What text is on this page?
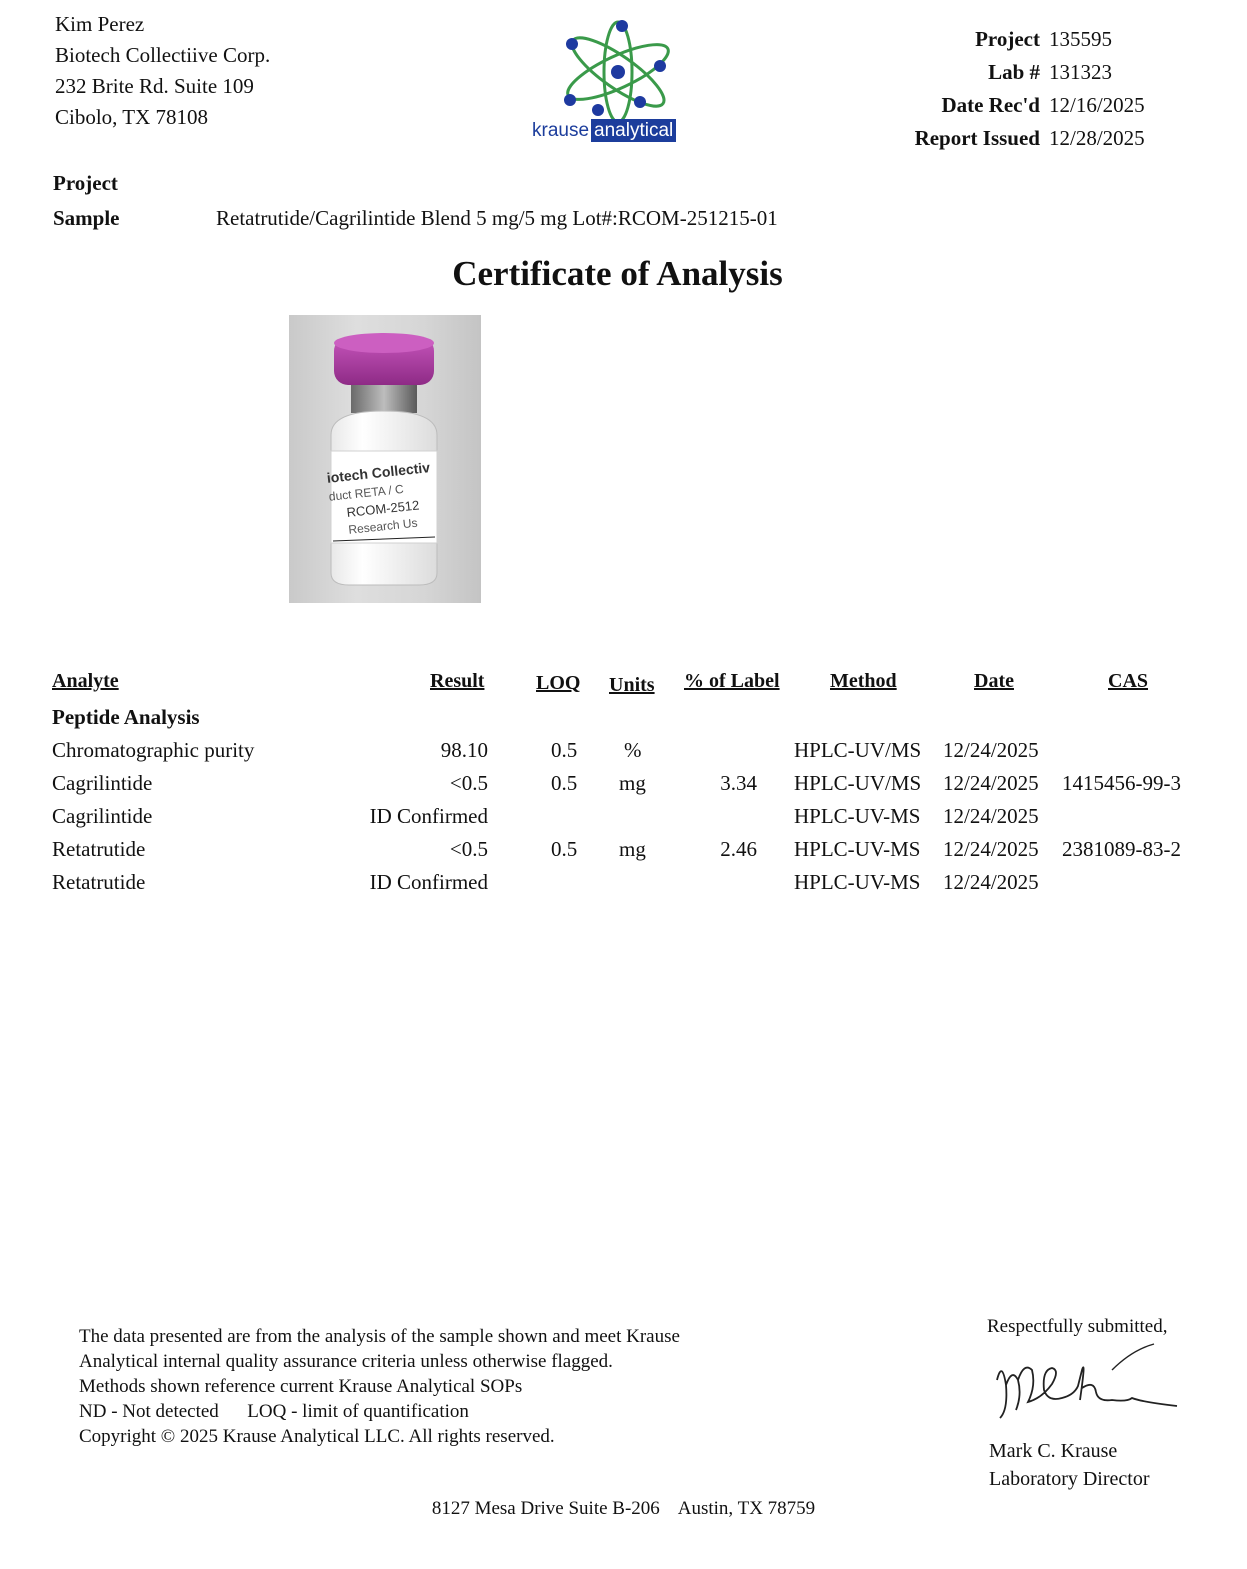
Kim Perez
Biotech Collectiive Corp.
232 Brite Rd. Suite 109
Cibolo, TX 78108
krause analytical
Project 135595
Lab # 131323
Date Rec'd 12/16/2025
Report Issued 12/28/2025
Project
Sample	Retatrutide/Cagrilintide Blend 5 mg/5 mg Lot#:RCOM-251215-01
Certificate of Analysis
iotech Collectiv
duct RETA / C
RCOM-2512
Research Us
Analyte	Result	LOQ Units % of Label	Method	Date	CAS
Peptide Analysis
Chromatographic purity	98.10	0.5 %	HPLC-UV/MS 12/24/2025
Cagrilintide	<0.5	0.5 mg	3.34 HPLC-UV/MS 12/24/2025 1415456-99-3
Cagrilintide	ID Confirmed	HPLC-UV-MS 12/24/2025
Retatrutide	<0.5	0.5 mg	2.46 HPLC-UV-MS 12/24/2025 2381089-83-2
Retatrutide	ID Confirmed	HPLC-UV-MS 12/24/2025
The data presented are from the analysis of the sample shown and meet Krause
Analytical internal quality assurance criteria unless otherwise flagged.
Methods shown reference current Krause Analytical SOPs
ND - Not detected      LOQ - limit of quantification
Copyright © 2025 Krause Analytical LLC. All rights reserved.
Respectfully submitted,
Mark C. Krause
Laboratory Director
8127 Mesa Drive Suite B-206    Austin, TX 78759
